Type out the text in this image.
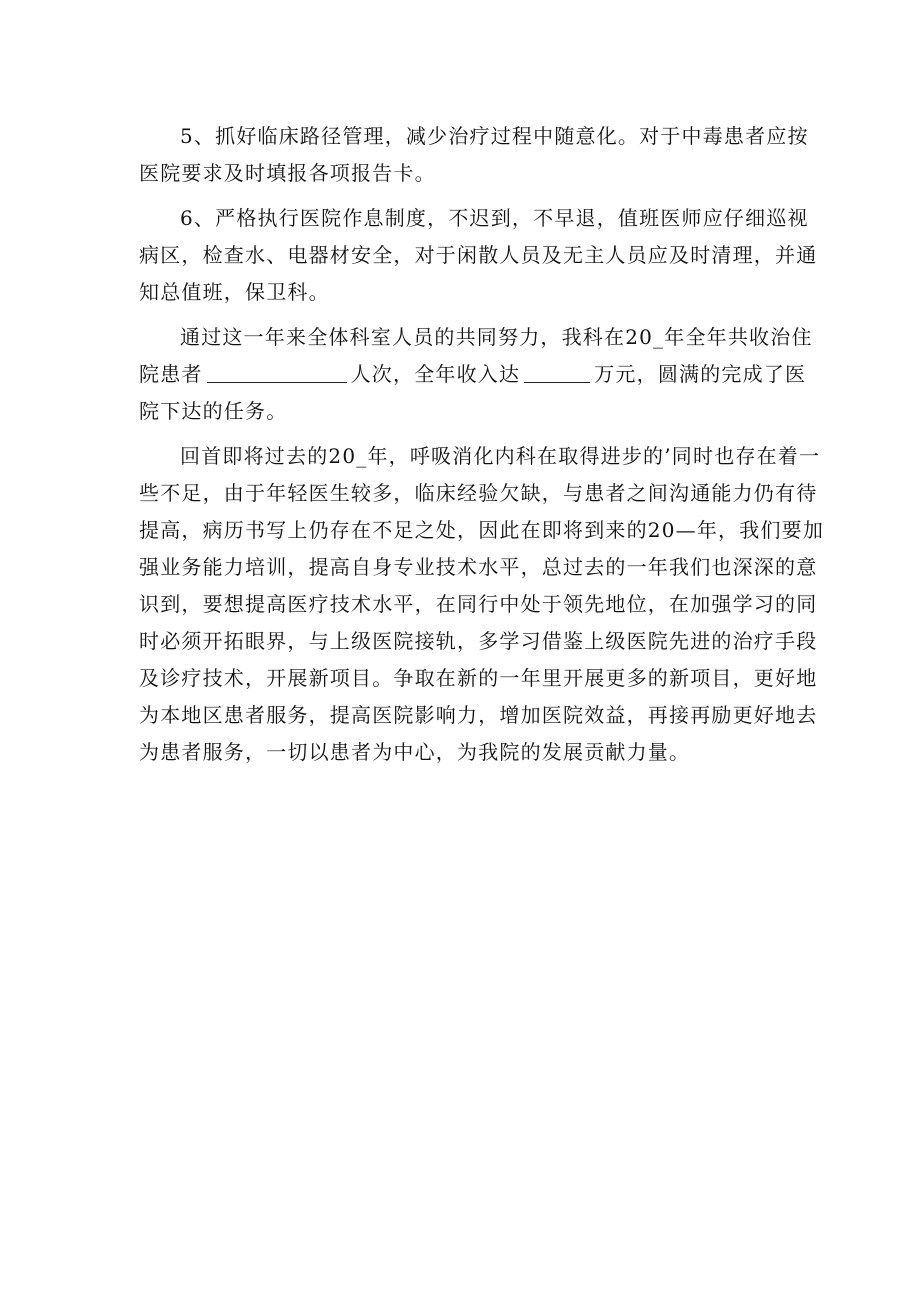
5、抓好临床路径管理，减少治疗过程中随意化。对于中毒患者应按
医院要求及时填报各项报告卡。
6、严格执行医院作息制度，不迟到，不早退，值班医师应仔细巡视
病区，检查水、电器材安全，对于闲散人员及无主人员应及时清理，并通
知总值班，保卫科。
通过这一年来全体科室人员的共同努力，我科在20_年全年共收治住
院患者	人次，全年收入达	万元，圆满的完成了医
院下达的任务。
回首即将过去的20_年，呼吸消化内科在取得进步的’同时也存在着一
些不足，由于年轻医生较多，临床经验欠缺，与患者之间沟通能力仍有待
提高，病历书写上仍存在不足之处，因此在即将到来的20—年，我们要加
强业务能力培训，提高自身专业技术水平，总过去的一年我们也深深的意
识到，要想提高医疗技术水平，在同行中处于领先地位，在加强学习的同
时必须开拓眼界，与上级医院接轨，多学习借鉴上级医院先进的治疗手段
及诊疗技术，开展新项目。争取在新的一年里开展更多的新项目，更好地
为本地区患者服务，提高医院影响力，增加医院效益，再接再励更好地去
为患者服务，一切以患者为中心，为我院的发展贡献力量。
